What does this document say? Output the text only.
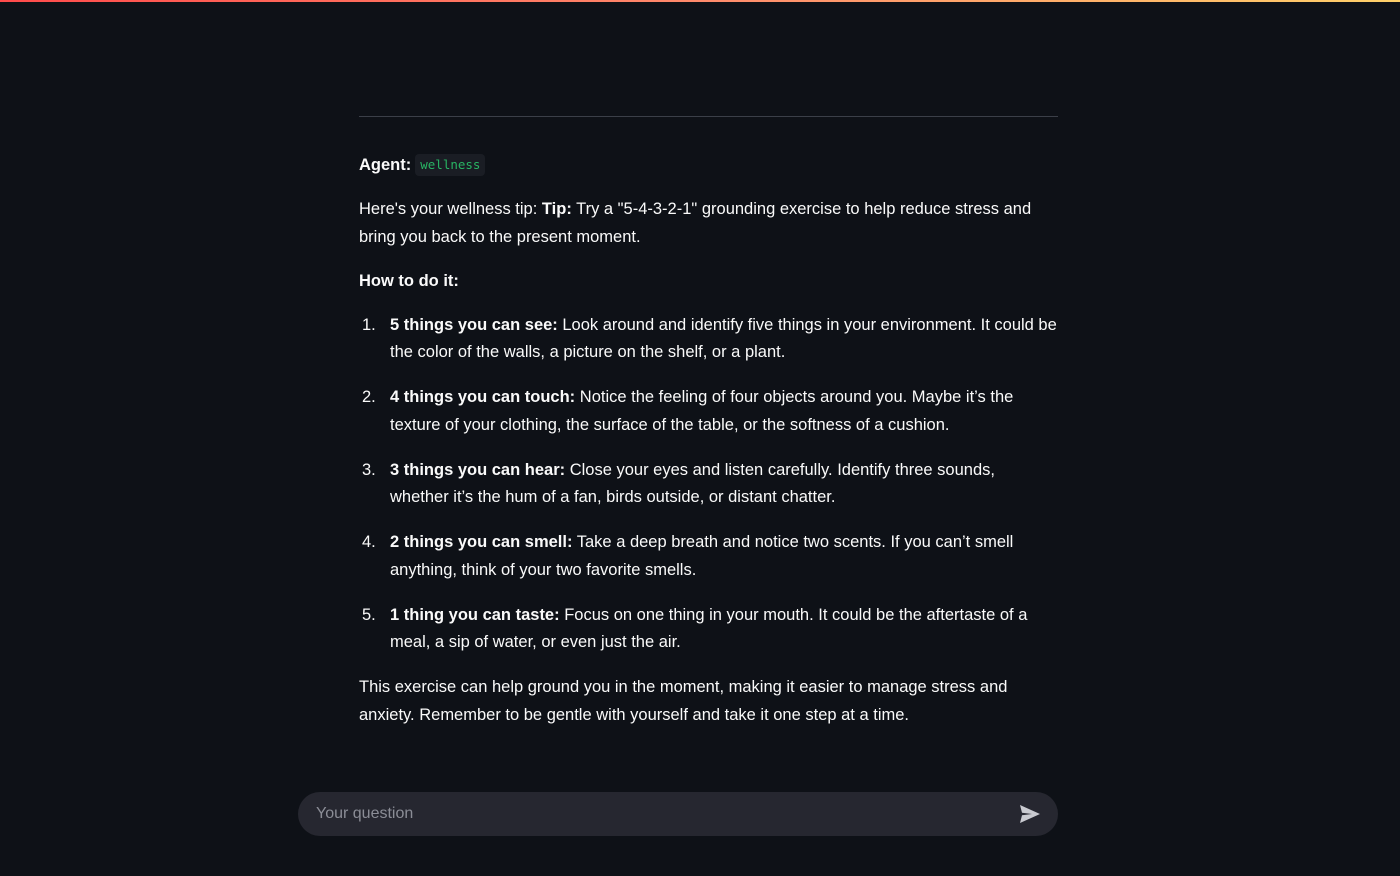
Agent: wellness

Here's your wellness tip: Tip: Try a "5-4-3-2-1" grounding exercise to help reduce stress and bring you back to the present moment.

How to do it:

1. 5 things you can see: Look around and identify five things in your environment. It could be the color of the walls, a picture on the shelf, or a plant.
2. 4 things you can touch: Notice the feeling of four objects around you. Maybe it’s the texture of your clothing, the surface of the table, or the softness of a cushion.
3. 3 things you can hear: Close your eyes and listen carefully. Identify three sounds, whether it’s the hum of a fan, birds outside, or distant chatter.
4. 2 things you can smell: Take a deep breath and notice two scents. If you can’t smell anything, think of your two favorite smells.
5. 1 thing you can taste: Focus on one thing in your mouth. It could be the aftertaste of a meal, a sip of water, or even just the air.

This exercise can help ground you in the moment, making it easier to manage stress and anxiety. Remember to be gentle with yourself and take it one step at a time.

Your question
